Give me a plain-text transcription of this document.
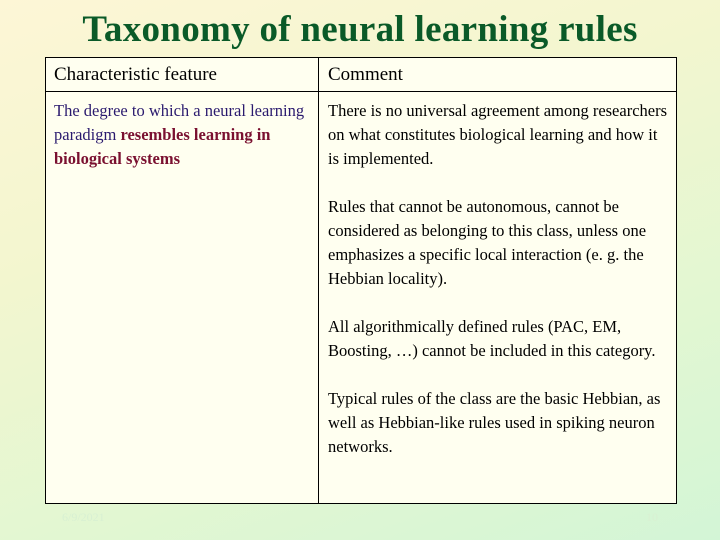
Taxonomy of neural learning rules
Characteristic feature	Comment
The degree to which a neural learning paradigm resembles learning in biological systems

There is no universal agreement among researchers on what constitutes biological learning and how it is implemented.

Rules that cannot be autonomous, cannot be considered as belonging to this class, unless one emphasizes a specific local interaction (e. g. the Hebbian locality).

All algorithmically defined rules (PAC, EM, Boosting, …) cannot be included in this category.

Typical rules of the class are the basic Hebbian, as well as Hebbian-like rules used in spiking neuron networks.

6/9/2021	10
